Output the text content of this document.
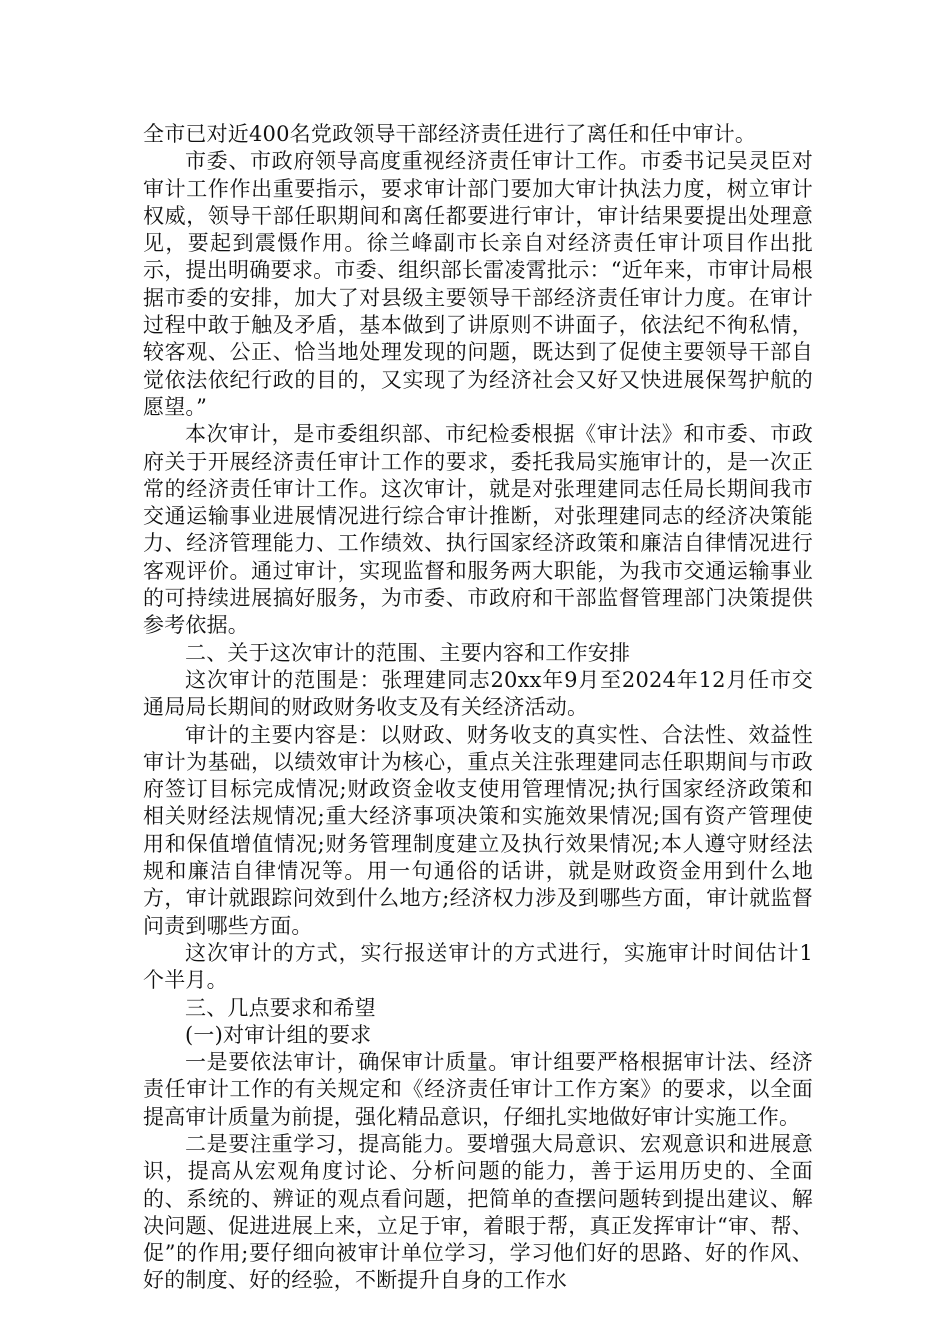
全市已对近400名党政领导干部经济责任进行了离任和任中审计。

市委、市政府领导高度重视经济责任审计工作。市委书记吴灵臣对审计工作作出重要指示，要求审计部门要加大审计执法力度，树立审计权威，领导干部任职期间和离任都要进行审计，审计结果要提出处理意见，要起到震慑作用。徐兰峰副市长亲自对经济责任审计项目作出批示，提出明确要求。市委、组织部长雷凌霄批示：“近年来，市审计局根据市委的安排，加大了对县级主要领导干部经济责任审计力度。在审计过程中敢于触及矛盾，基本做到了讲原则不讲面子，依法纪不徇私情，较客观、公正、恰当地处理发现的问题，既达到了促使主要领导干部自觉依法依纪行政的目的，又实现了为经济社会又好又快进展保驾护航的愿望。”

本次审计，是市委组织部、市纪检委根据《审计法》和市委、市政府关于开展经济责任审计工作的要求，委托我局实施审计的，是一次正常的经济责任审计工作。这次审计，就是对张理建同志任局长期间我市交通运输事业进展情况进行综合审计推断，对张理建同志的经济决策能力、经济管理能力、工作绩效、执行国家经济政策和廉洁自律情况进行客观评价。通过审计，实现监督和服务两大职能，为我市交通运输事业的可持续进展搞好服务，为市委、市政府和干部监督管理部门决策提供参考依据。

二、关于这次审计的范围、主要内容和工作安排

这次审计的范围是：张理建同志20xx年9月至2024年12月任市交通局局长期间的财政财务收支及有关经济活动。

审计的主要内容是：以财政、财务收支的真实性、合法性、效益性审计为基础，以绩效审计为核心，重点关注张理建同志任职期间与市政府签订目标完成情况;财政资金收支使用管理情况;执行国家经济政策和相关财经法规情况;重大经济事项决策和实施效果情况;国有资产管理使用和保值增值情况;财务管理制度建立及执行效果情况;本人遵守财经法规和廉洁自律情况等。用一句通俗的话讲，就是财政资金用到什么地方，审计就跟踪问效到什么地方;经济权力涉及到哪些方面，审计就监督问责到哪些方面。

这次审计的方式，实行报送审计的方式进行，实施审计时间估计1个半月。

三、几点要求和希望

(一)对审计组的要求

一是要依法审计，确保审计质量。审计组要严格根据审计法、经济责任审计工作的有关规定和《经济责任审计工作方案》的要求，以全面提高审计质量为前提，强化精品意识，仔细扎实地做好审计实施工作。

二是要注重学习，提高能力。要增强大局意识、宏观意识和进展意识，提高从宏观角度讨论、分析问题的能力，善于运用历史的、全面的、系统的、辨证的观点看问题，把简单的查摆问题转到提出建议、解决问题、促进进展上来，立足于审，着眼于帮，真正发挥审计“审、帮、促”的作用;要仔细向被审计单位学习，学习他们好的思路、好的作风、好的制度、好的经验，不断提升自身的工作水
